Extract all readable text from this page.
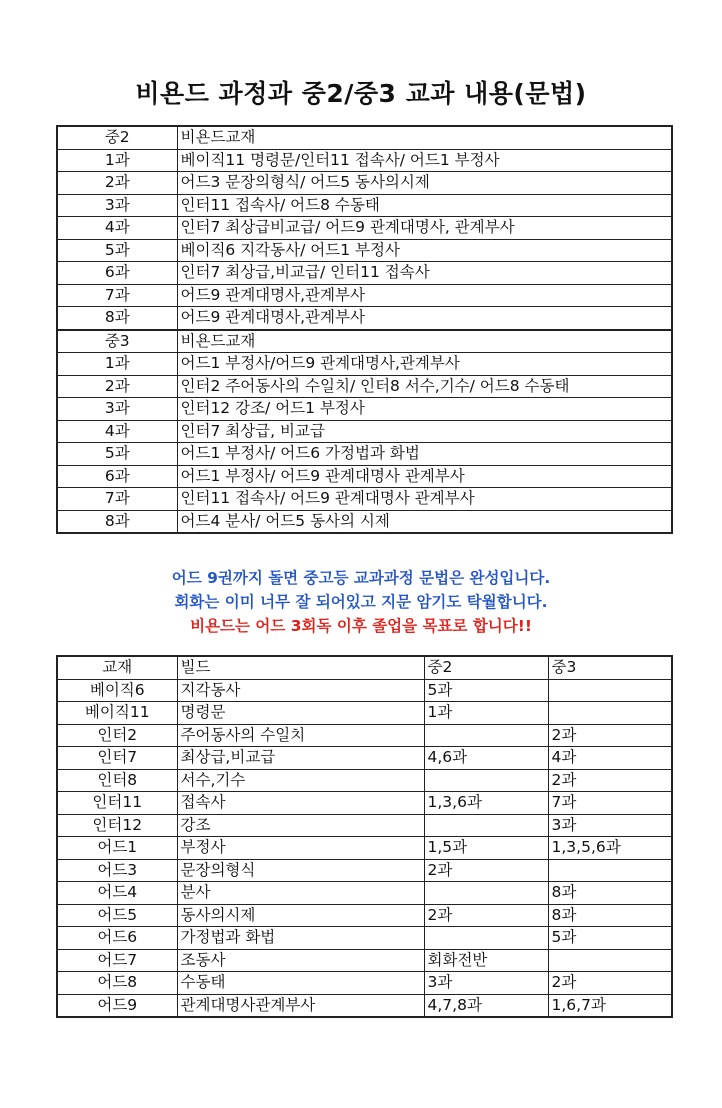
비욘드 과정과 중2/중3 교과 내용(문법)
중2	비욘드교재
1과	베이직11 명령문/인터11 접속사/ 어드1 부정사
2과	어드3 문장의형식/ 어드5 동사의시제
3과	인터11 접속사/ 어드8 수동태
4과	인터7 최상급비교급/ 어드9 관계대명사, 관계부사
5과	베이직6 지각동사/ 어드1 부정사
6과	인터7 최상급,비교급/ 인터11 접속사
7과	어드9 관계대명사,관계부사
8과	어드9 관계대명사,관계부사
중3	비욘드교재
1과	어드1 부정사/어드9 관계대명사,관계부사
2과	인터2 주어동사의 수일치/ 인터8 서수,기수/ 어드8 수동태
3과	인터12 강조/ 어드1 부정사
4과	인터7 최상급, 비교급
5과	어드1 부정사/ 어드6 가정법과 화법
6과	어드1 부정사/ 어드9 관계대명사 관계부사
7과	인터11 접속사/ 어드9 관계대명사 관계부사
8과	어드4 분사/ 어드5 동사의 시제
어드 9권까지 돌면 중고등 교과과정 문법은 완성입니다.
회화는 이미 너무 잘 되어있고 지문 암기도 탁월합니다.
비욘드는 어드 3회독 이후 졸업을 목표로 합니다!!
교재	빌드	중2	중3
베이직6	지각동사	5과	
베이직11	명령문	1과	
인터2	주어동사의 수일치		2과
인터7	최상급,비교급	4,6과	4과
인터8	서수,기수		2과
인터11	접속사	1,3,6과	7과
인터12	강조		3과
어드1	부정사	1,5과	1,3,5,6과
어드3	문장의형식	2과	
어드4	분사		8과
어드5	동사의시제	2과	8과
어드6	가정법과 화법		5과
어드7	조동사	회화전반	
어드8	수동태	3과	2과
어드9	관계대명사관계부사	4,7,8과	1,6,7과
